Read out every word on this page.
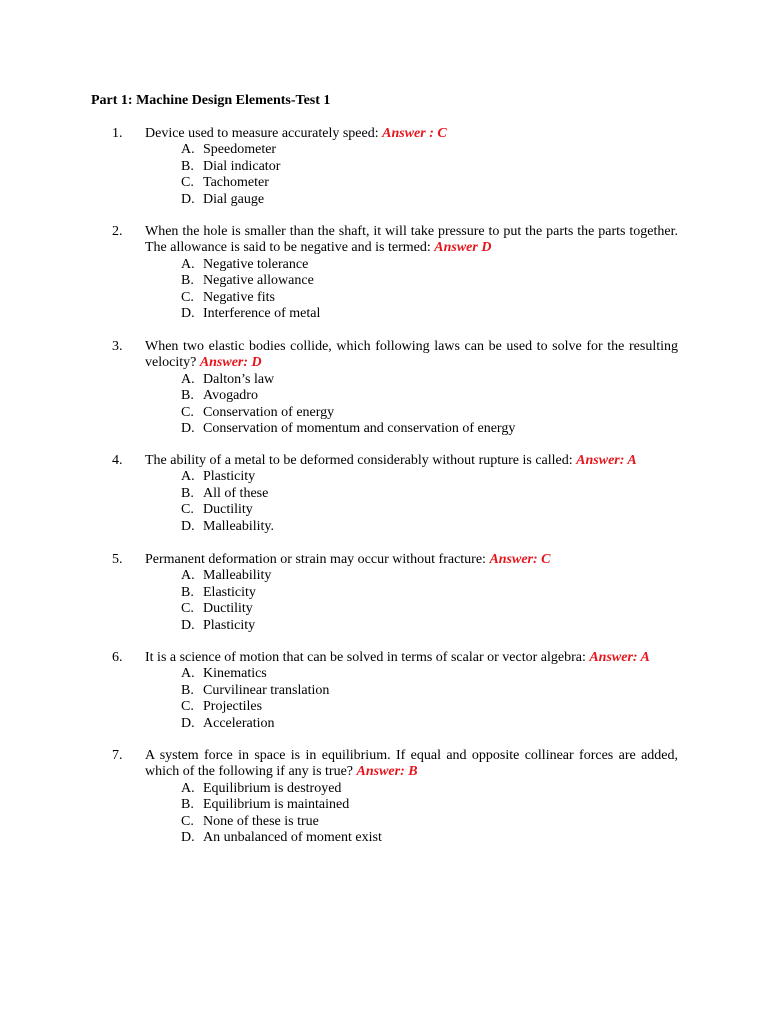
Part 1: Machine Design Elements-Test 1
1.	Device used to measure accurately speed: Answer : C
A. Speedometer
B. Dial indicator
C. Tachometer
D. Dial gauge
2.	When the hole is smaller than the shaft, it will take pressure to put the parts the parts together. The allowance is said to be negative and is termed: Answer D
A. Negative tolerance
B. Negative allowance
C. Negative fits
D. Interference of metal
3.	When two elastic bodies collide, which following laws can be used to solve for the resulting velocity? Answer: D
A. Dalton’s law
B. Avogadro
C. Conservation of energy
D. Conservation of momentum and conservation of energy
4.	The ability of a metal to be deformed considerably without rupture is called: Answer: A
A. Plasticity
B. All of these
C. Ductility
D. Malleability.
5.	Permanent deformation or strain may occur without fracture: Answer: C
A. Malleability
B. Elasticity
C. Ductility
D. Plasticity
6.	It is a science of motion that can be solved in terms of scalar or vector algebra: Answer: A
A. Kinematics
B. Curvilinear translation
C. Projectiles
D. Acceleration
7.	A system force in space is in equilibrium. If equal and opposite collinear forces are added, which of the following if any is true? Answer: B
A. Equilibrium is destroyed
B. Equilibrium is maintained
C. None of these is true
D. An unbalanced of moment exist
